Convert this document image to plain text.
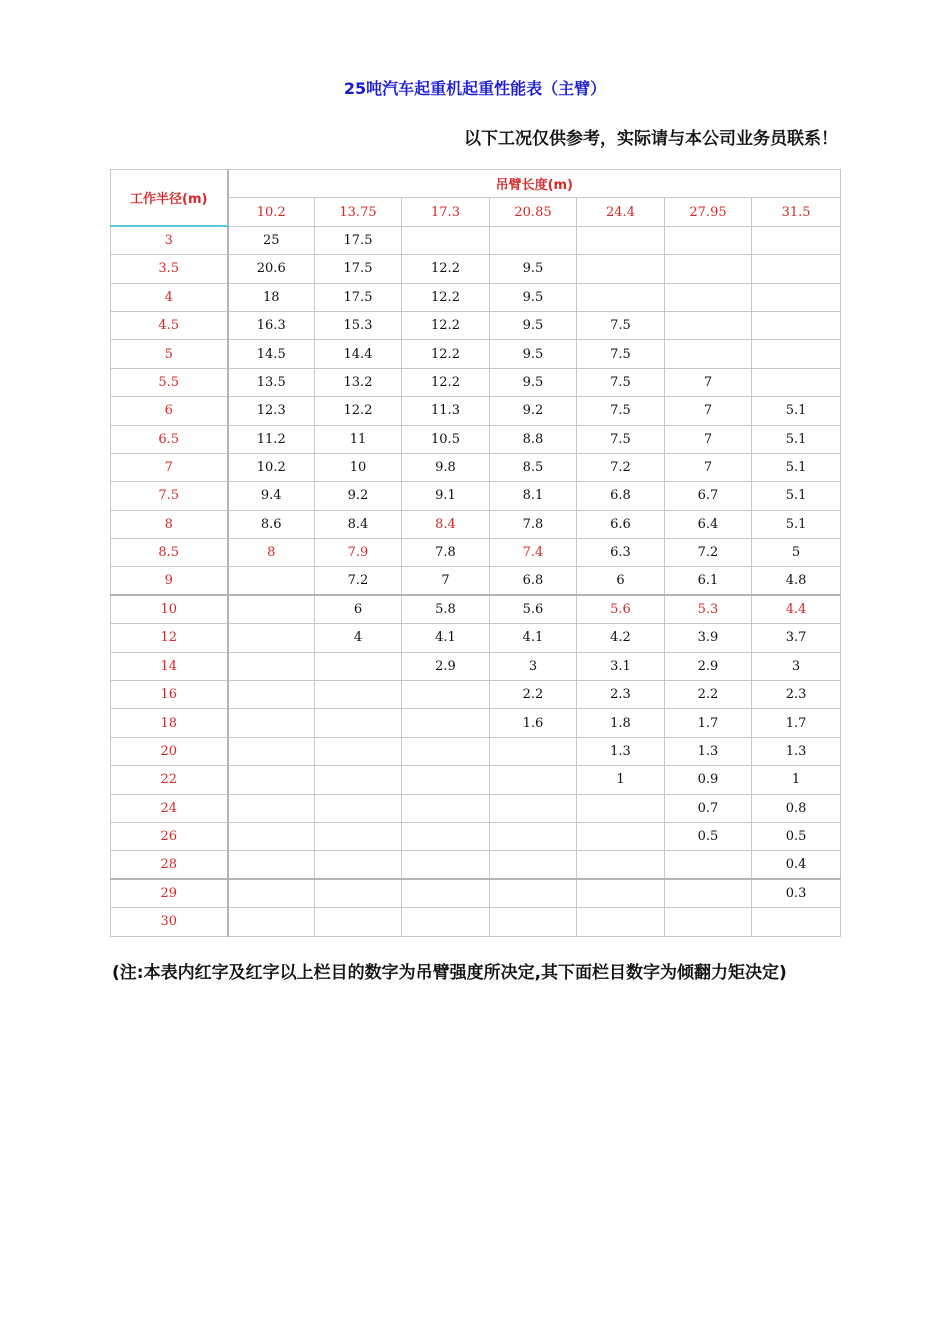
25吨汽车起重机起重性能表（主臂）
以下工况仅供参考，实际请与本公司业务员联系！
工作半径(m)	吊臂长度(m)						
	10.2	13.75	17.3	20.85	24.4	27.95	31.5
3	25	17.5					
3.5	20.6	17.5	12.2	9.5			
4	18	17.5	12.2	9.5			
4.5	16.3	15.3	12.2	9.5	7.5		
5	14.5	14.4	12.2	9.5	7.5		
5.5	13.5	13.2	12.2	9.5	7.5	7	
6	12.3	12.2	11.3	9.2	7.5	7	5.1
6.5	11.2	11	10.5	8.8	7.5	7	5.1
7	10.2	10	9.8	8.5	7.2	7	5.1
7.5	9.4	9.2	9.1	8.1	6.8	6.7	5.1
8	8.6	8.4	8.4	7.8	6.6	6.4	5.1
8.5	8	7.9	7.8	7.4	6.3	7.2	5
9		7.2	7	6.8	6	6.1	4.8
10		6	5.8	5.6	5.6	5.3	4.4
12		4	4.1	4.1	4.2	3.9	3.7
14			2.9	3	3.1	2.9	3
16				2.2	2.3	2.2	2.3
18				1.6	1.8	1.7	1.7
20					1.3	1.3	1.3
22					1	0.9	1
24						0.7	0.8
26						0.5	0.5
28							0.4
29							0.3
30							
(注:本表内红字及红字以上栏目的数字为吊臂强度所决定,其下面栏目数字为倾翻力矩决定)
